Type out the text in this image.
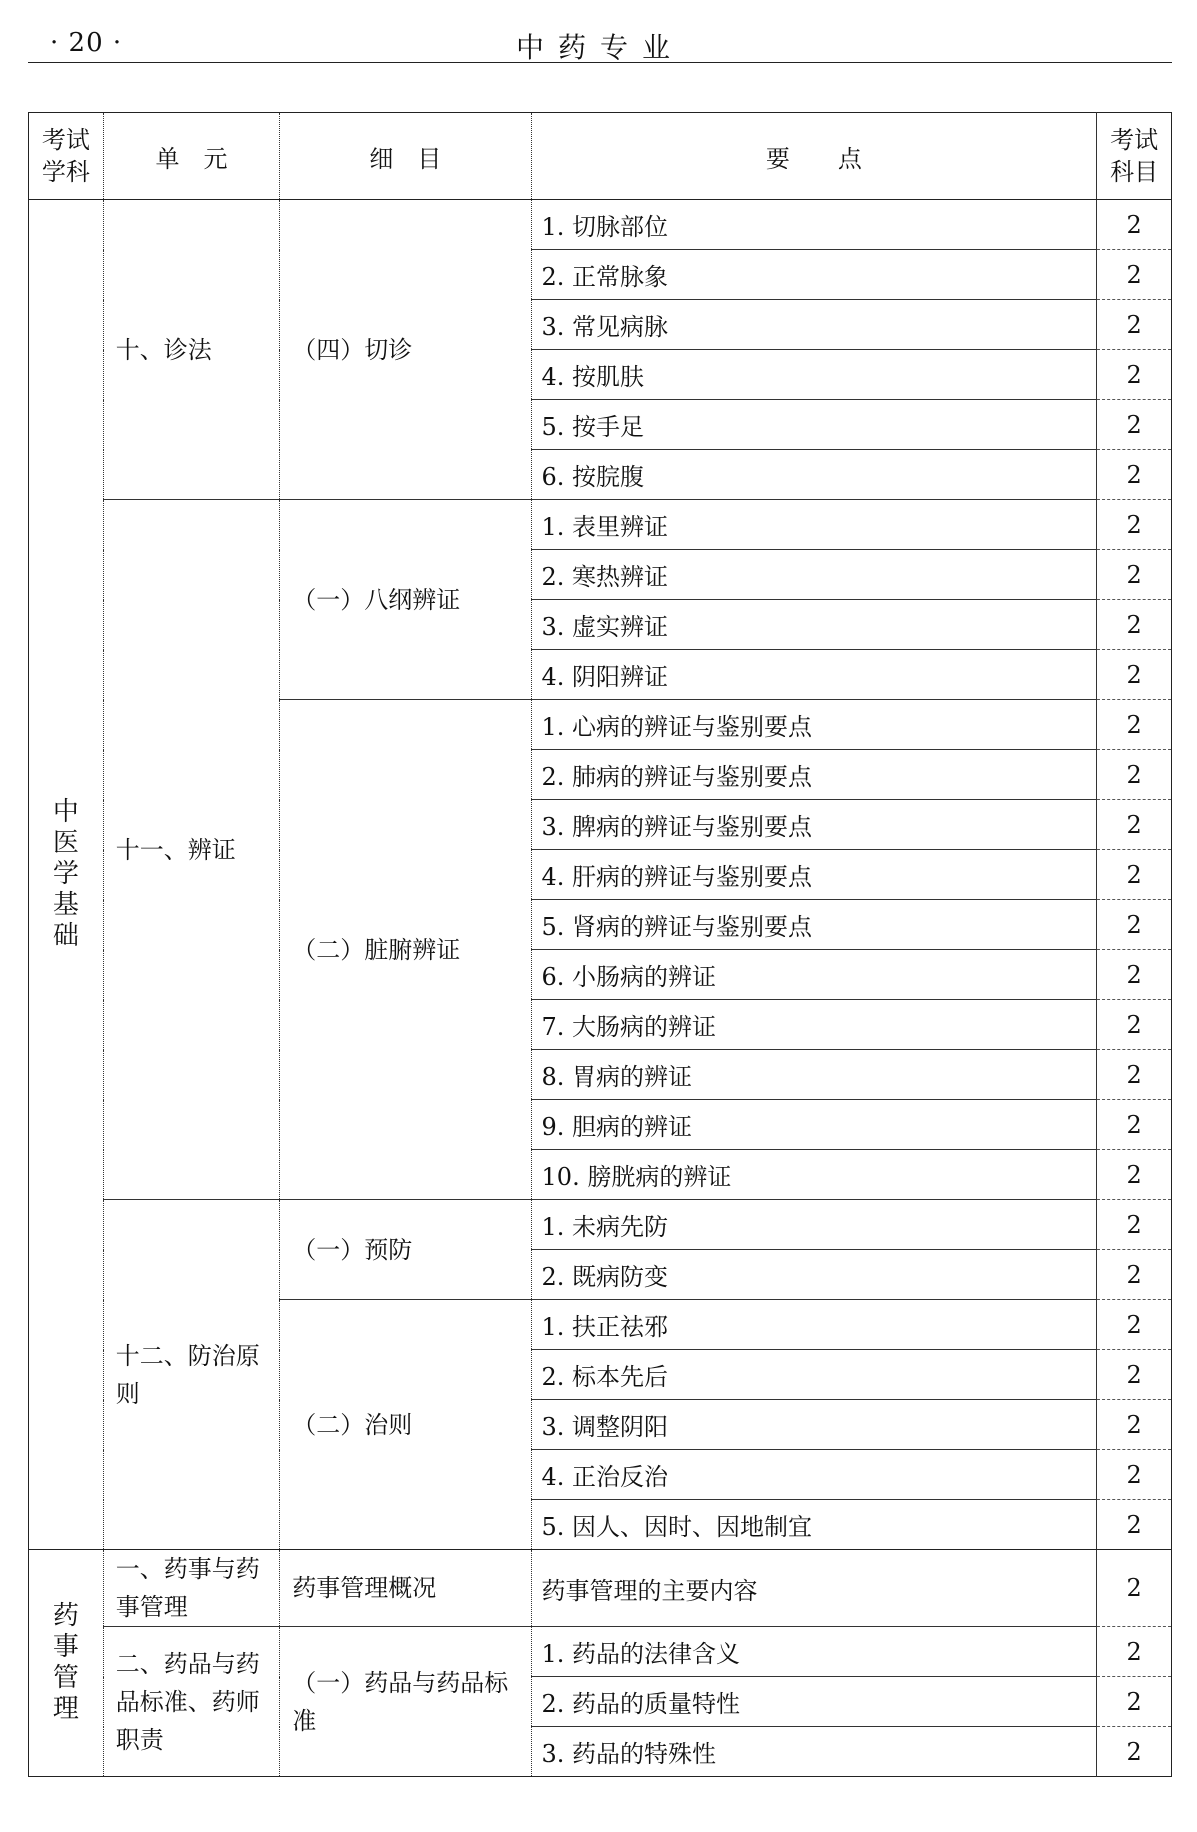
· 20 ·	中药专业
考试
学科	单　元	细　目	要　　点	考试
科目
中医学基础	十、诊法	（四）切诊	1. 切脉部位	2
			2. 正常脉象	2
			3. 常见病脉	2
			4. 按肌肤	2
			5. 按手足	2
			6. 按脘腹	2
	十一、辨证	（一）八纲辨证	1. 表里辨证	2
			2. 寒热辨证	2
			3. 虚实辨证	2
			4. 阴阳辨证	2
		（二）脏腑辨证	1. 心病的辨证与鉴别要点	2
			2. 肺病的辨证与鉴别要点	2
			3. 脾病的辨证与鉴别要点	2
			4. 肝病的辨证与鉴别要点	2
			5. 肾病的辨证与鉴别要点	2
			6. 小肠病的辨证	2
			7. 大肠病的辨证	2
			8. 胃病的辨证	2
			9. 胆病的辨证	2
			10. 膀胱病的辨证	2
	十二、防治原则	（一）预防	1. 未病先防	2
			2. 既病防变	2
		（二）治则	1. 扶正祛邪	2
			2. 标本先后	2
			3. 调整阴阳	2
			4. 正治反治	2
			5. 因人、因时、因地制宜	2
药事管理	一、药事与药事管理	药事管理概况	药事管理的主要内容	2
	二、药品与药品标准、药师职责	（一）药品与药品标准	1. 药品的法律含义	2
			2. 药品的质量特性	2
			3. 药品的特殊性	2
